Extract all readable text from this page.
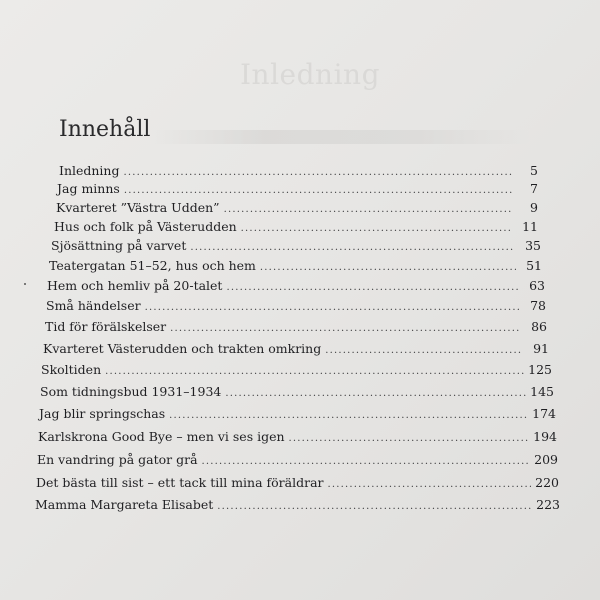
Inledning
Innehåll
Inledning .....	5
Jag minns .....	7
Kvarteret ”Västra Udden” .....	9
Hus och folk på Västerudden .....	11
Sjösättning på varvet .....	35
Teatergatan 51–52, hus och hem .....	51
Hem och hemliv på 20-talet .....	63
Små händelser .....	78
Tid för förälskelser .....	86
Kvarteret Västerudden och trakten omkring .....	91
Skoltiden .....	125
Som tidningsbud 1931–1934 .....	145
Jag blir springschas .....	174
Karlskrona Good Bye – men vi ses igen .....	194
En vandring på gator grå .....	209
Det bästa till sist – ett tack till mina föräldrar .....	220
Mamma Margareta Elisabet .....	223
